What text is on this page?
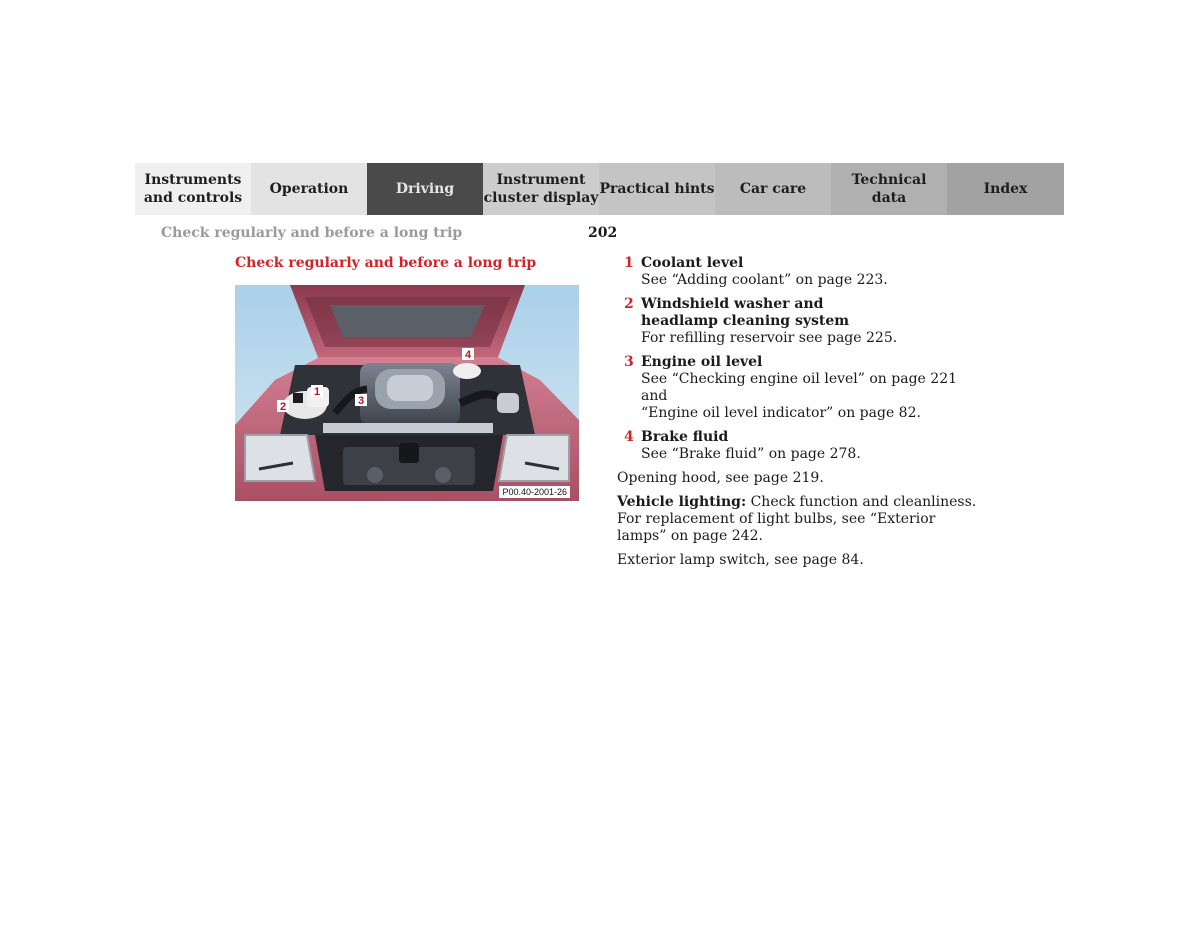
Instruments
and controls
Operation	Driving
Instrument
cluster display
Practical hints Car care
Technical
data
Index
Check regularly and before a long trip	202
Check regularly and before a long trip
1
2	3
4
P00.40-2001-26
1 Coolant level
See “Adding coolant” on page 223.
2 Windshield washer and
headlamp cleaning system
For refilling reservoir see page 225.
3 Engine oil level
See “Checking engine oil level” on page 221 and
“Engine oil level indicator” on page 82.
4 Brake fluid
See “Brake fluid” on page 278.

Opening hood, see page 219.

Vehicle lighting: Check function and cleanliness. For replacement of light bulbs, see “Exterior lamps” on page 242.

Exterior lamp switch, see page 84.
